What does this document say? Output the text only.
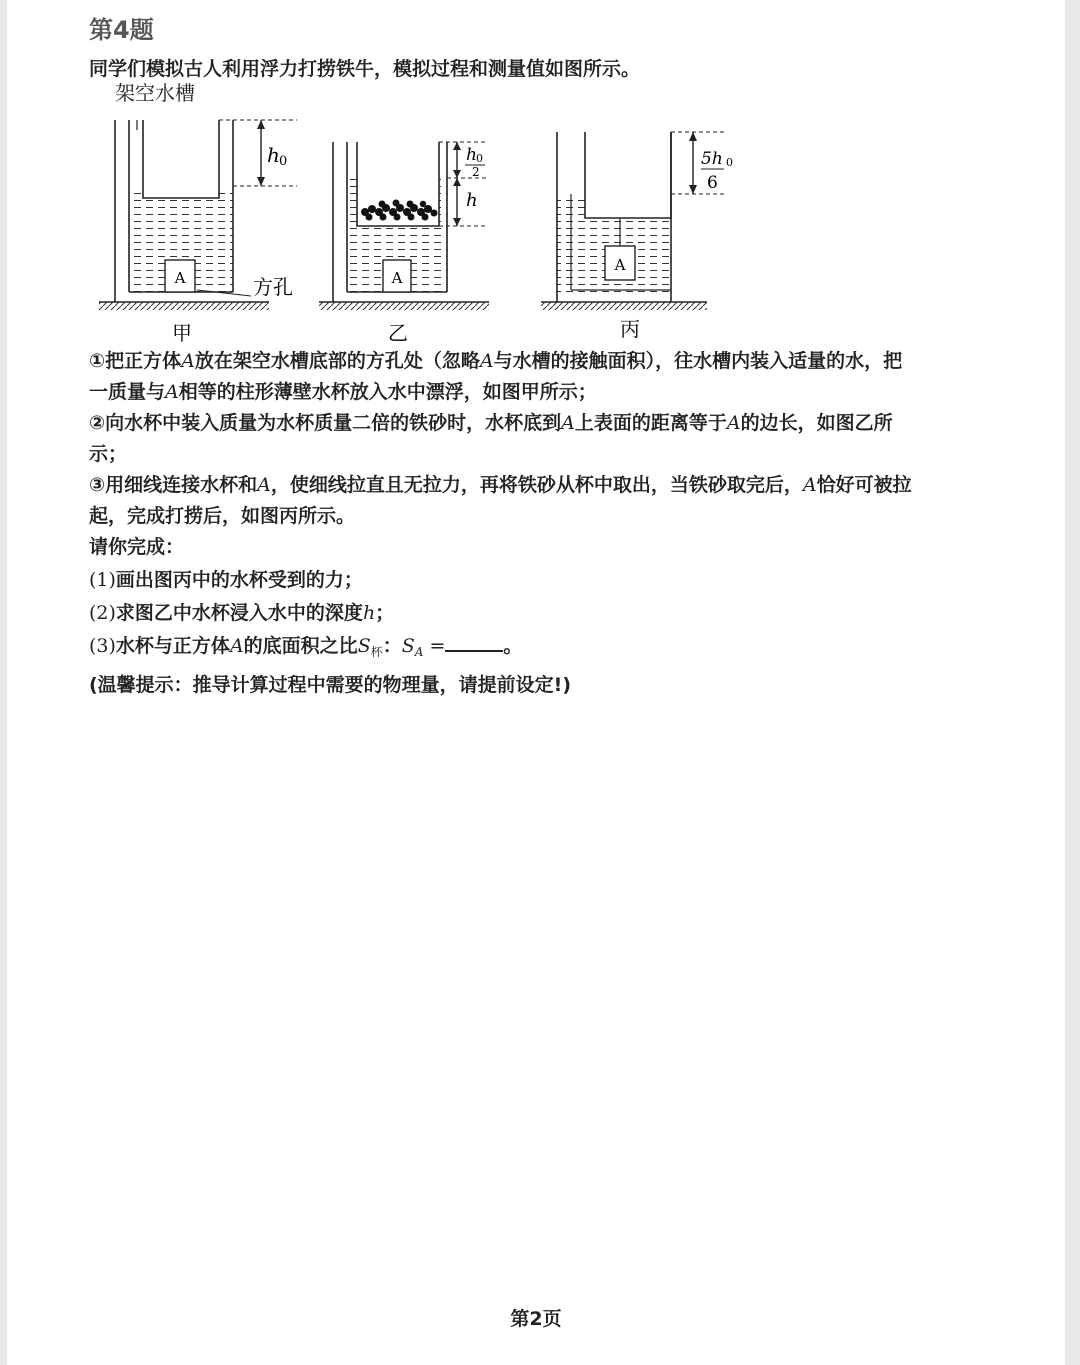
第4题
同学们模拟古人利用浮力打捞铁牛，模拟过程和测量值如图所示。
架空水槽
A	方孔
h 0
甲
A
h 0
2
h
乙
A
5h 0
6
丙

①把正方体A放在架空水槽底部的方孔处（忽略A与水槽的接触面积），往水槽内装入适量的水，把
一质量与A相等的柱形薄壁水杯放入水中漂浮，如图甲所示；

②向水杯中装入质量为水杯质量二倍的铁砂时，水杯底到A上表面的距离等于A的边长，如图乙所
示；

③用细线连接水杯和A，使细线拉直且无拉力，再将铁砂从杯中取出，当铁砂取完后，A恰好可被拉
起，完成打捞后，如图丙所示。

请你完成：

(1)画出图丙中的水杯受到的力；

(2)求图乙中水杯浸入水中的深度h；

(3)水杯与正方体A的底面积之比$S_杯$：$S_A$ =	。

(温馨提示：推导计算过程中需要的物理量，请提前设定!)

第2页
